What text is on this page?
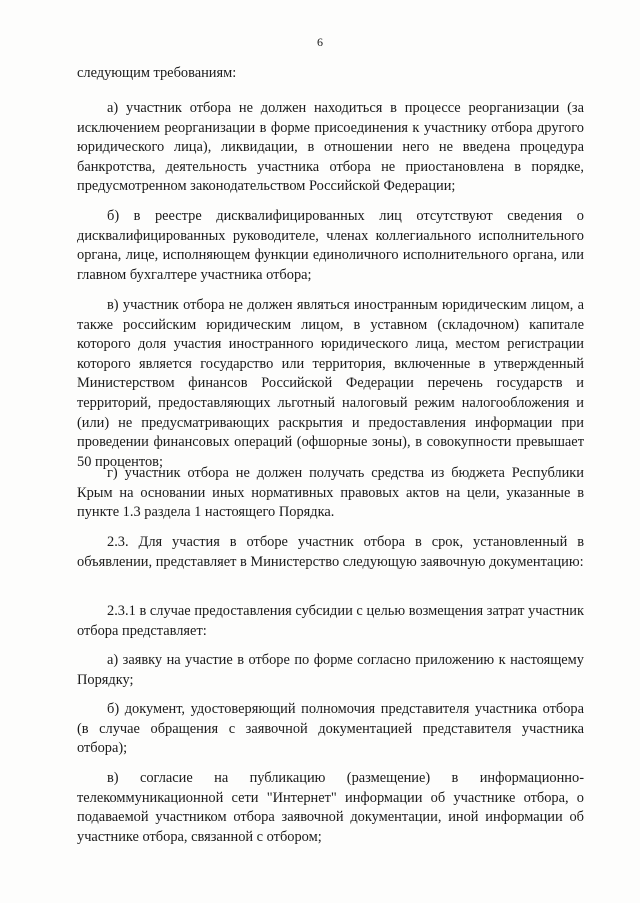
6

следующим требованиям:

а) участник отбора не должен находиться в процессе реорганизации (за исключением реорганизации в форме присоединения к участнику отбора другого юридического лица), ликвидации, в отношении него не введена процедура банкротства, деятельность участника отбора не приостановлена в порядке, предусмотренном законодательством Российской Федерации;

б) в реестре дисквалифицированных лиц отсутствуют сведения о дисквалифицированных руководителе, членах коллегиального исполнительного органа, лице, исполняющем функции единоличного исполнительного органа, или главном бухгалтере участника отбора;

в) участник отбора не должен являться иностранным юридическим лицом, а также российским юридическим лицом, в уставном (складочном) капитале которого доля участия иностранного юридического лица, местом регистрации которого является государство или территория, включенные в утвержденный Министерством финансов Российской Федерации перечень государств и территорий, предоставляющих льготный налоговый режим налогообложения и (или) не предусматривающих раскрытия и предоставления информации при проведении финансовых операций (офшорные зоны), в совокупности превышает 50 процентов;

г) участник отбора не должен получать средства из бюджета Республики Крым на основании иных нормативных правовых актов на цели, указанные в пункте 1.3 раздела 1 настоящего Порядка.

2.3. Для участия в отборе участник отбора в срок, установленный в объявлении, представляет в Министерство следующую заявочную документацию:

2.3.1 в случае предоставления субсидии с целью возмещения затрат участник отбора представляет:

а) заявку на участие в отборе по форме согласно приложению к настоящему Порядку;

б) документ, удостоверяющий полномочия представителя участника отбора (в случае обращения с заявочной документацией представителя участника отбора);

в) согласие на публикацию (размещение) в информационно-телекоммуникационной сети "Интернет" информации об участнике отбора, о подаваемой участником отбора заявочной документации, иной информации об участнике отбора, связанной с отбором;
